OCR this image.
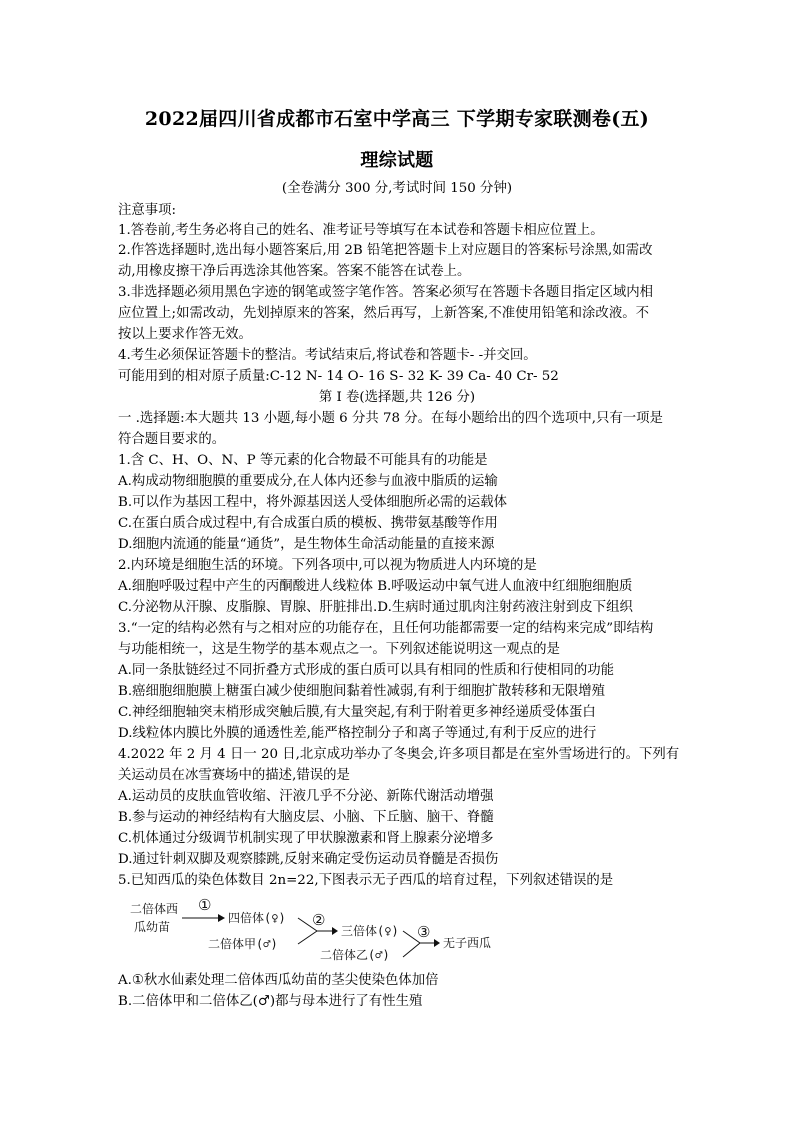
2022届四川省成都市石室中学高三 下学期专家联测卷(五)
理综试题
(全卷满分 300 分,考试时间 150 分钟)
注意事项:
1.答卷前,考生务必将自己的姓名、准考证号等填写在本试卷和答题卡相应位置上。
2.作答选择题时,选出每小题答案后,用 2B 铅笔把答题卡上对应题目的答案标号涂黑,如需改
动,用橡皮擦干净后再选涂其他答案。答案不能答在试卷上。
3.非选择题必须用黑色字迹的钢笔或签字笔作答。答案必须写在答题卡各题目指定区域内相
应位置上;如需改动，先划掉原来的答案，然后再写，上新答案,不准使用铅笔和涂改液。不
按以上要求作答无效。
4.考生必须保证答题卡的整洁。考试结束后,将试卷和答题卡- -并交回。
可能用到的相对原子质量:C-12 N- 14 O- 16 S- 32 K- 39 Ca- 40 Cr- 52
第 I 卷(选择题,共 126 分)
一 .选择题:本大题共 13 小题,每小题 6 分共 78 分。在每小题给出的四个选项中,只有一项是
符合题目要求的。
1.含 C、H、O、N、P 等元素的化合物最不可能具有的功能是
A.构成动物细胞膜的重要成分,在人体内还参与血液中脂质的运输
B.可以作为基因工程中，将外源基因送人受体细胞所必需的运载体
C.在蛋白质合成过程中,有合成蛋白质的模板、携带氨基酸等作用
D.细胞内流通的能量“通货”，是生物体生命活动能量的直接来源
2.内环境是细胞生活的环境。下列各项中,可以视为物质进人内环境的是
A.细胞呼吸过程中产生的丙酮酸进人线粒体 B.呼吸运动中氧气进人血液中红细胞细胞质
C.分泌物从汗腺、皮脂腺、胃腺、肝脏排出.D.生病时通过肌肉注射药液注射到皮下组织
3.“一定的结构必然有与之相对应的功能存在，且任何功能都需要一定的结构来完成”即结构
与功能相统一，这是生物学的基本观点之一。下列叙述能说明这一观点的是
A.同一条肽链经过不同折叠方式形成的蛋白质可以具有相同的性质和行使相同的功能
B.癌细胞细胞膜上糖蛋白减少使细胞间黏着性减弱,有利于细胞扩散转移和无限增殖
C.神经细胞轴突末梢形成突触后膜,有大量突起,有利于附着更多神经递质受体蛋白
D.线粒体内膜比外膜的通透性差,能严格控制分子和离子等通过,有利于反应的进行
4.2022 年 2 月 4 日一 20 日,北京成功举办了冬奥会,许多项目都是在室外雪场进行的。下列有
关运动员在冰雪赛场中的描述,错误的是
A.运动员的皮肤血管收缩、汗液几乎不分泌、新陈代谢活动增强
B.参与运动的神经结构有大脑皮层、小脑、下丘脑、脑干、脊髓
C.机体通过分级调节机制实现了甲状腺激素和肾上腺素分泌增多
D.通过针刺双脚及观察膝跳,反射来确定受伤运动员脊髓是否损伤
5.已知西瓜的染色体数目 2n=22,下图表示无子西瓜的培育过程，下列叙述错误的是
二倍体西
瓜幼苗
①
四倍体(♀)
二倍体甲(♂)
②
三倍体(♀)
二倍体乙(♂)
③
无子西瓜
A.①秋水仙素处理二倍体西瓜幼苗的茎尖使染色体加倍
B.二倍体甲和二倍体乙(♂)都与母本进行了有性生殖
